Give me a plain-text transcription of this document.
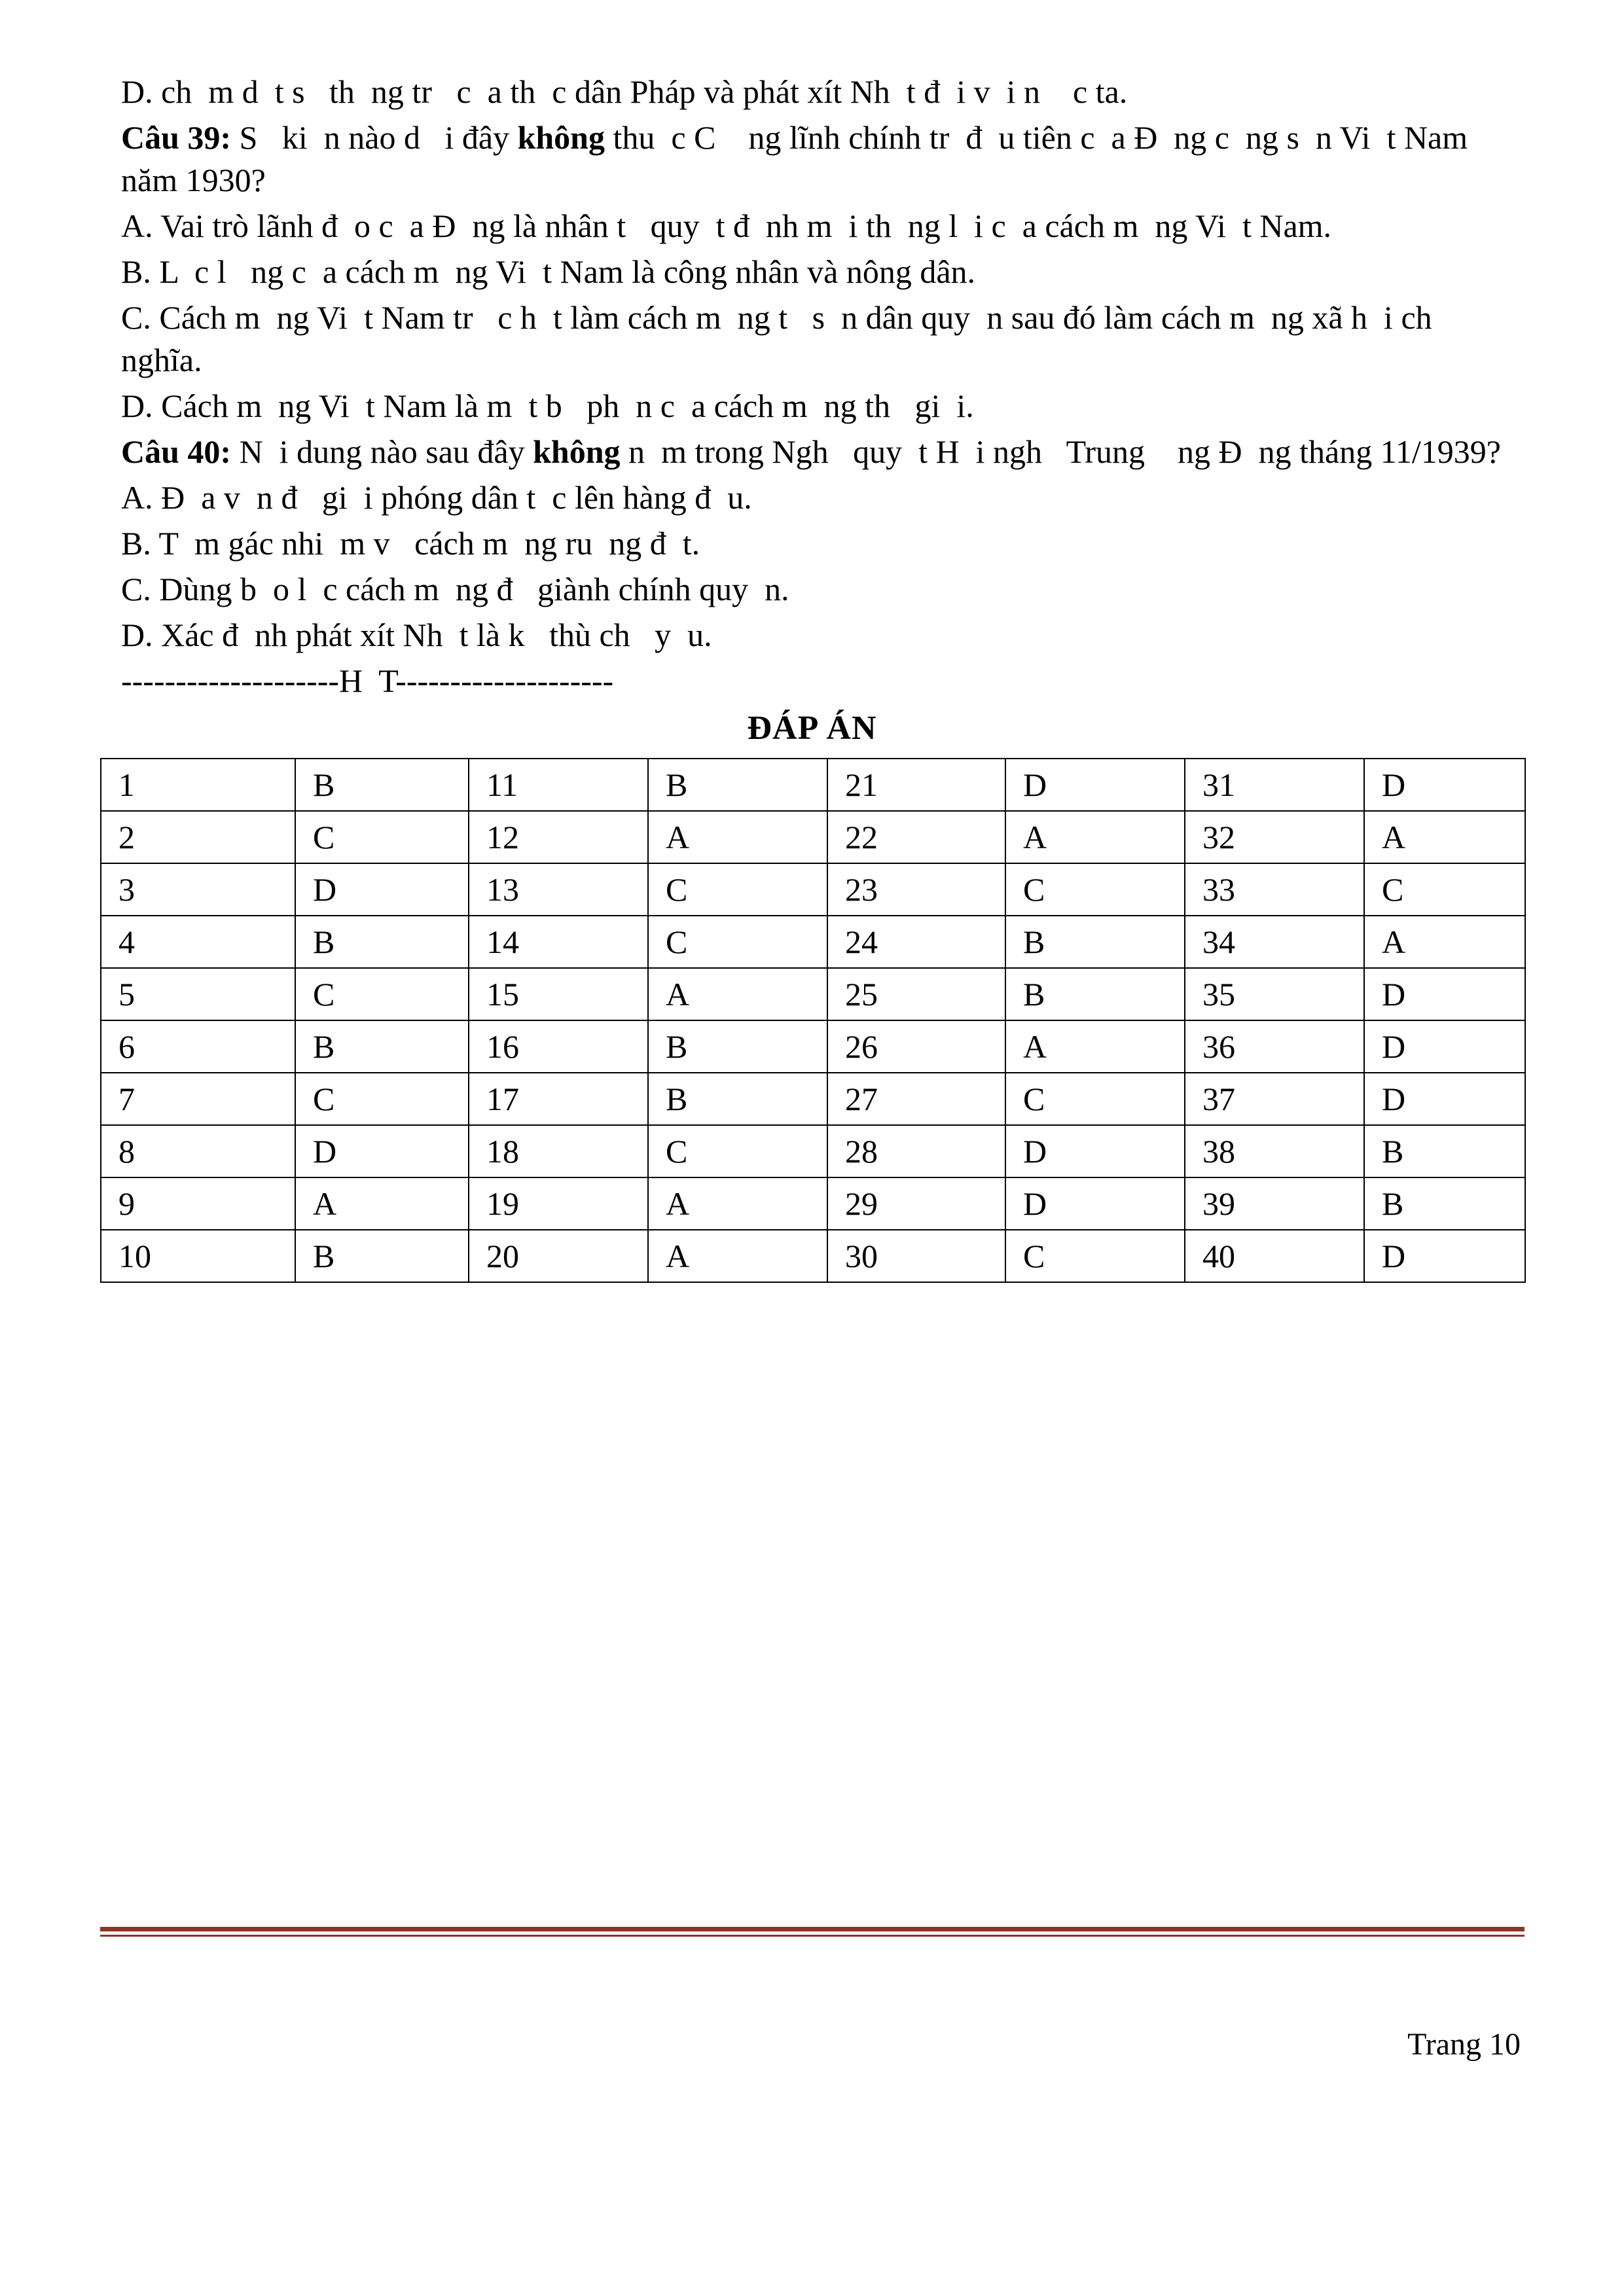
D. ch  m d  t s   th  ng tr   c  a th  c dân Pháp và phát xít Nh  t đ  i v  i n    c ta.

Câu 39: S   ki  n nào d   i đây không thu  c C    ng lĩnh chính tr  đ  u tiên c  a Đ  ng c  ng s  n Vi  t Nam năm 1930?

A. Vai trò lãnh đ  o c  a Đ  ng là nhân t   quy  t đ  nh m  i th  ng l  i c  a cách m  ng Vi  t Nam.

B. L  c l   ng c  a cách m  ng Vi  t Nam là công nhân và nông dân.

C. Cách m  ng Vi  t Nam tr   c h  t làm cách m  ng t   s  n dân quy  n sau đó làm cách m  ng xã h  i ch  nghĩa.

D. Cách m  ng Vi  t Nam là m  t b   ph  n c  a cách m  ng th   gi  i.

Câu 40: N  i dung nào sau đây không n  m trong Ngh   quy  t H  i ngh   Trung    ng Đ  ng tháng 11/1939?

A. Đ  a v  n đ   gi  i phóng dân t  c lên hàng đ  u.

B. T  m gác nhi  m v   cách m  ng ru  ng đ  t.

C. Dùng b  o l  c cách m  ng đ   giành chính quy  n.

D. Xác đ  nh phát xít Nh  t là k   thù ch   y  u.

--------------------H  T--------------------

ĐÁP ÁN
1	B	11	B	21	D	31	D
2	C	12	A	22	A	32	A
3	D	13	C	23	C	33	C
4	B	14	C	24	B	34	A
5	C	15	A	25	B	35	D
6	B	16	B	26	A	36	D
7	C	17	B	27	C	37	D
8	D	18	C	28	D	38	B
9	A	19	A	29	D	39	B
10	B	20	A	30	C	40	D
Trang 10
